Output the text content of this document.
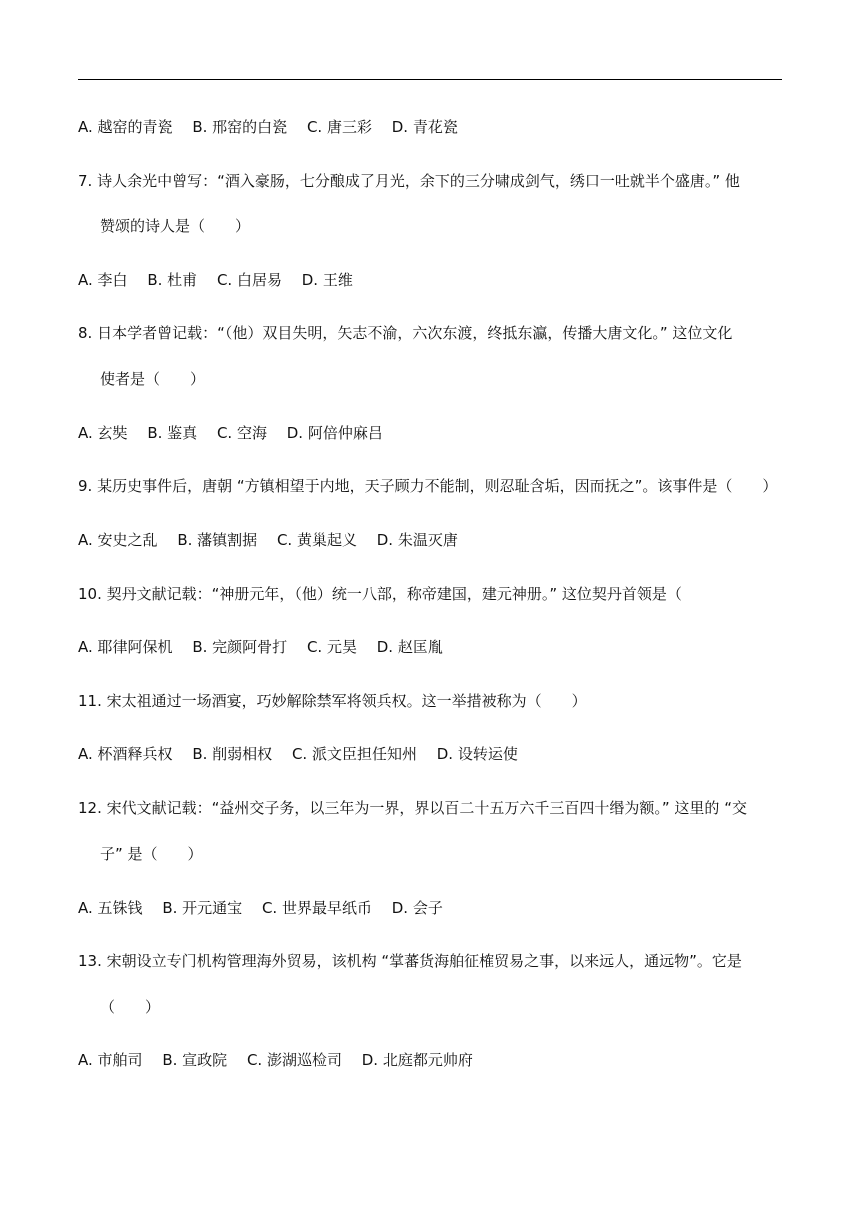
A. 越窑的青瓷 B. 邢窑的白瓷 C. 唐三彩 D. 青花瓷
7. 诗人余光中曾写：“酒入豪肠，七分酿成了月光，余下的三分啸成剑气，绣口一吐就半个盛唐。” 他
赞颂的诗人是（　　）
A. 李白 B. 杜甫 C. 白居易 D. 王维
8. 日本学者曾记载：“（他）双目失明，矢志不渝，六次东渡，终抵东瀛，传播大唐文化。” 这位文化
使者是（　　）
A. 玄奘 B. 鉴真 C. 空海 D. 阿倍仲麻吕
9. 某历史事件后，唐朝 “方镇相望于内地，天子顾力不能制，则忍耻含垢，因而抚之”。该事件是（　　）
A. 安史之乱 B. 藩镇割据 C. 黄巢起义 D. 朱温灭唐
10. 契丹文献记载：“神册元年，（他）统一八部，称帝建国，建元神册。” 这位契丹首领是（
A. 耶律阿保机 B. 完颜阿骨打 C. 元昊 D. 赵匡胤
11. 宋太祖通过一场酒宴，巧妙解除禁军将领兵权。这一举措被称为（　　）
A. 杯酒释兵权 B. 削弱相权 C. 派文臣担任知州 D. 设转运使
12. 宋代文献记载：“益州交子务，以三年为一界，界以百二十五万六千三百四十缗为额。” 这里的 “交
子” 是（　　）
A. 五铢钱 B. 开元通宝 C. 世界最早纸币 D. 会子
13. 宋朝设立专门机构管理海外贸易，该机构 “掌蕃货海舶征榷贸易之事，以来远人，通远物”。它是
（　　）
A. 市舶司 B. 宣政院 C. 澎湖巡检司 D. 北庭都元帅府
